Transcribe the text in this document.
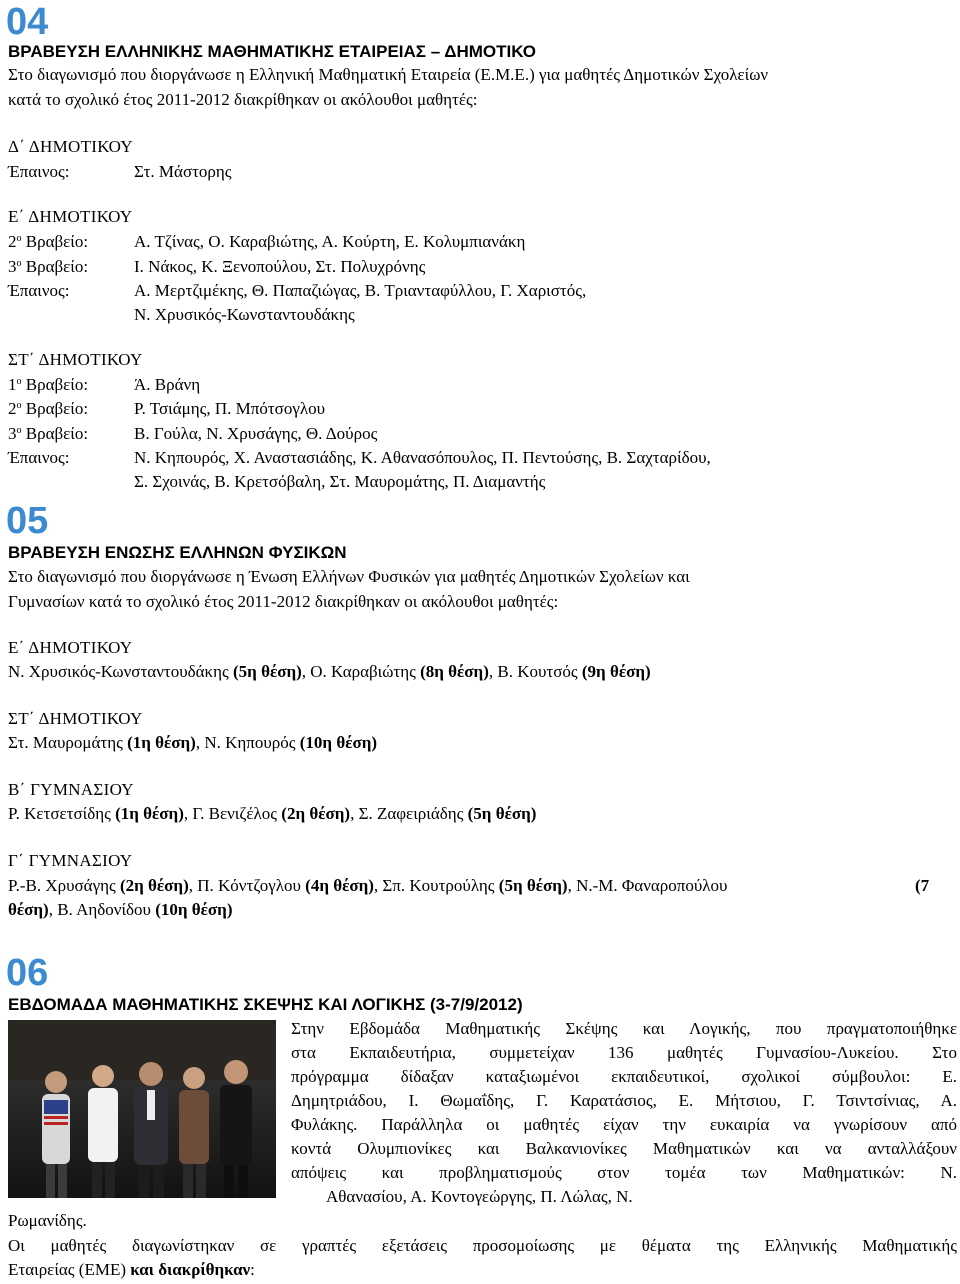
04
ΒΡΑΒΕΥΣΗ ΕΛΛΗΝΙΚΗΣ ΜΑΘΗΜΑΤΙΚΗΣ ΕΤΑΙΡΕΙΑΣ – ΔΗΜΟΤΙΚΟ
Στο διαγωνισμό που διοργάνωσε η Ελληνική Μαθηματική Εταιρεία (Ε.Μ.Ε.) για μαθητές Δημοτικών Σχολείων
κατά το σχολικό έτος 2011-2012 διακρίθηκαν οι ακόλουθοι μαθητές:
Δ΄ ΔΗΜΟΤΙΚΟΥ
Έπαινος:	Στ. Μάστορης
Ε΄ ΔΗΜΟΤΙΚΟΥ
$2^o$ Βραβείο:	Α. Τζίνας, Ο. Καραβιώτης, Α. Κούρτη, Ε. Κολυμπιανάκη
$3^o$ Βραβείο:	Ι. Νάκος, Κ. Ξενοπούλου, Στ. Πολυχρόνης
Έπαινος:	Α. Μερτζιμέκης, Θ. Παπαζιώγας, Β. Τριανταφύλλου, Γ. Χαριστός,
Ν. Χρυσικός-Κωνσταντουδάκης
ΣΤ΄ ΔΗΜΟΤΙΚΟΥ
$1^o$ Βραβείο:	Ά. Βράνη
$2^o$ Βραβείο:	Ρ. Τσιάμης, Π. Μπότσογλου
$3^o$ Βραβείο:	Β. Γούλα, Ν. Χρυσάγης, Θ. Δούρος
Έπαινος:	Ν. Κηπουρός, Χ. Αναστασιάδης, Κ. Αθανασόπουλος, Π. Πεντούσης, Β. Σαχταρίδου,
Σ. Σχοινάς, Β. Κρετσόβαλη, Στ. Μαυρομάτης, Π. Διαμαντής
05
ΒΡΑΒΕΥΣΗ ΕΝΩΣΗΣ ΕΛΛΗΝΩΝ ΦΥΣΙΚΩΝ
Στο διαγωνισμό που διοργάνωσε η Ένωση Ελλήνων Φυσικών για μαθητές Δημοτικών Σχολείων και
Γυμνασίων κατά το σχολικό έτος 2011-2012 διακρίθηκαν οι ακόλουθοι μαθητές:
Ε΄ ΔΗΜΟΤΙΚΟΥ
Ν. Χρυσικός-Κωνσταντουδάκης (5η θέση), Ο. Καραβιώτης (8η θέση), Β. Κουτσός (9η θέση)
ΣΤ΄ ΔΗΜΟΤΙΚΟΥ
Στ. Μαυρομάτης (1η θέση), Ν. Κηπουρός (10η θέση)
Β΄ ΓΥΜΝΑΣΙΟΥ
Ρ. Κετσετσίδης (1η θέση), Γ. Βενιζέλος (2η θέση), Σ. Ζαφειριάδης (5η θέση)
Γ΄ ΓΥΜΝΑΣΙΟΥ
Ρ.-Β. Χρυσάγης (2η θέση), Π. Κόντζογλου (4η θέση), Σπ. Κουτρούλης (5η θέση), Ν.-Μ. Φαναροπούλου	(7
θέση), Β. Αηδονίδου (10η θέση)
06
ΕΒΔΟΜΑΔΑ ΜΑΘΗΜΑΤΙΚΗΣ ΣΚΕΨΗΣ ΚΑΙ ΛΟΓΙΚΗΣ (3-7/9/2012)
Στην Εβδομάδα Μαθηματικής Σκέψης και Λογικής, που πραγματοποιήθηκε
στα Εκπαιδευτήρια, συμμετείχαν 136 μαθητές Γυμνασίου-Λυκείου. Στο
πρόγραμμα δίδαξαν καταξιωμένοι εκπαιδευτικοί, σχολικοί σύμβουλοι: Ε.
Δημητριάδου, Ι. Θωμαΐδης, Γ. Καρατάσιος, Ε. Μήτσιου, Γ. Τσιντσίνιας, Α.
Φυλάκης. Παράλληλα οι μαθητές είχαν την ευκαιρία να γνωρίσουν από
κοντά Ολυμπιονίκες και Βαλκανιονίκες Μαθηματικών και να ανταλλάξουν
απόψεις και προβληματισμούς στον τομέα των Μαθηματικών: Ν.
Αθανασίου, Α. Κοντογεώργης, Π. Λώλας, Ν.
Ρωμανίδης.
Οι μαθητές διαγωνίστηκαν σε γραπτές εξετάσεις προσομοίωσης με θέματα της Ελληνικής Μαθηματικής
Εταιρείας (ΕΜΕ) και διακρίθηκαν:
